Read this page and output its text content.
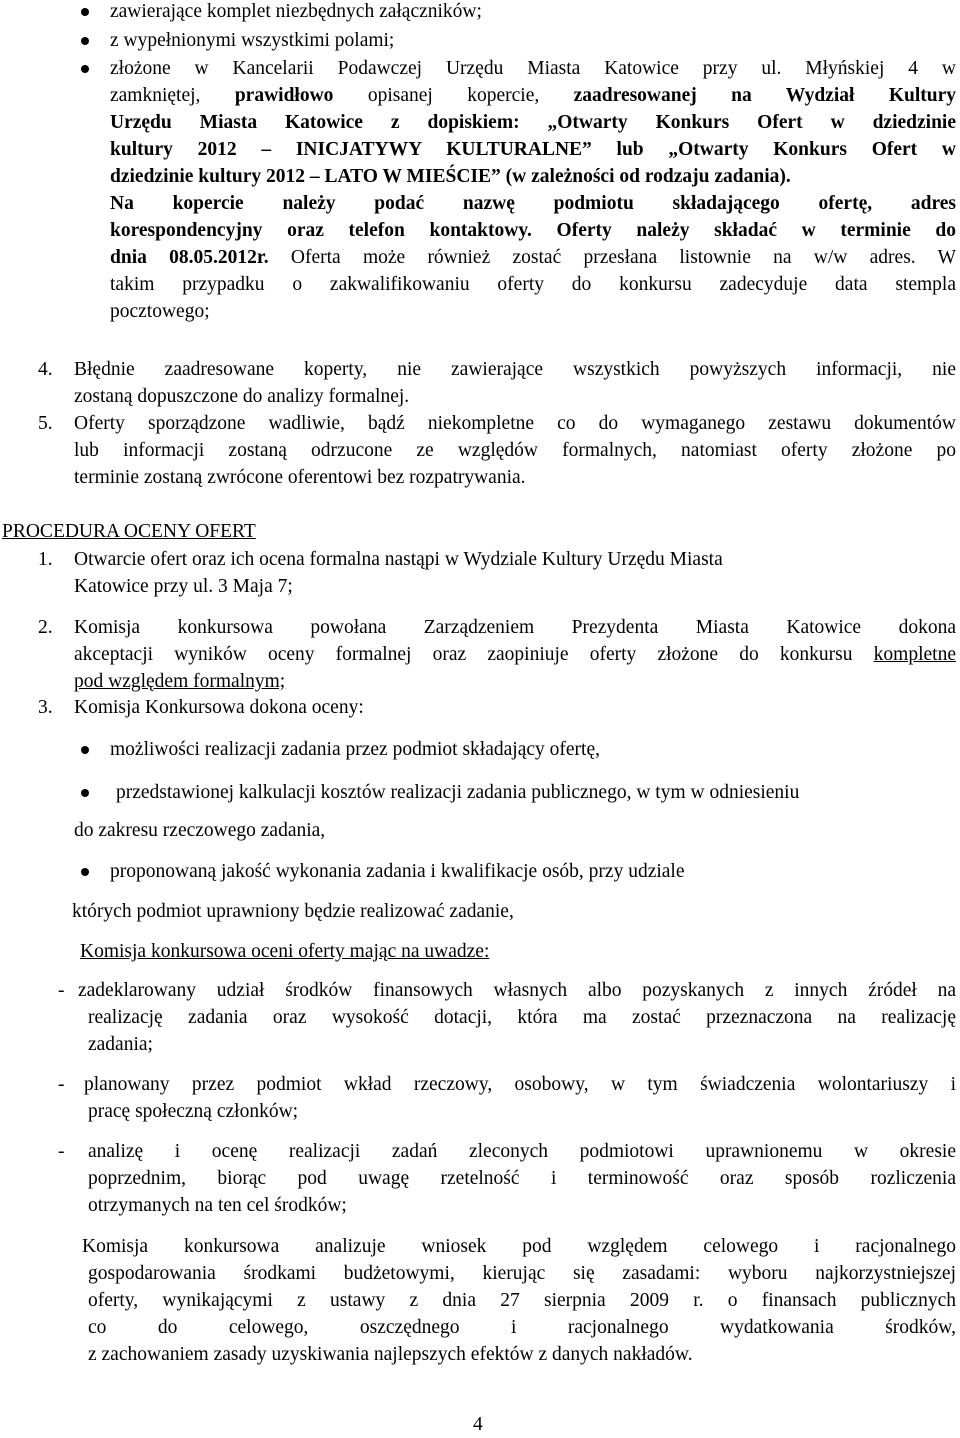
zawierające komplet niezbędnych załączników;
z wypełnionymi wszystkimi polami;
złożone w Kancelarii Podawczej Urzędu Miasta Katowice przy ul. Młyńskiej 4 w
zamkniętej, prawidłowo opisanej kopercie, zaadresowanej na Wydział Kultury
Urzędu Miasta Katowice z dopiskiem: „Otwarty Konkurs Ofert w dziedzinie
kultury 2012 – INICJATYWY KULTURALNE” lub „Otwarty Konkurs Ofert w
dziedzinie kultury 2012 – LATO W MIEŚCIE” (w zależności od rodzaju zadania).
Na kopercie należy podać nazwę podmiotu składającego ofertę, adres
korespondencyjny oraz telefon kontaktowy. Oferty należy składać w terminie do
dnia 08.05.2012r. Oferta może również zostać przesłana listownie na w/w adres. W
takim przypadku o zakwalifikowaniu oferty do konkursu zadecyduje data stempla
pocztowego;
4. Błędnie zaadresowane koperty, nie zawierające wszystkich powyższych informacji, nie
zostaną dopuszczone do analizy formalnej.
5. Oferty sporządzone wadliwie, bądź niekompletne co do wymaganego zestawu dokumentów
lub informacji zostaną odrzucone ze względów formalnych, natomiast oferty złożone po
terminie zostaną zwrócone oferentowi bez rozpatrywania.
PROCEDURA OCENY OFERT
1. Otwarcie ofert oraz ich ocena formalna nastąpi w Wydziale Kultury Urzędu Miasta
Katowice przy ul. 3 Maja 7;
2. Komisja konkursowa powołana Zarządzeniem Prezydenta Miasta Katowice dokona
akceptacji wyników oceny formalnej oraz zaopiniuje oferty złożone do konkursu kompletne
pod względem formalnym;
3. Komisja Konkursowa dokona oceny:
możliwości realizacji zadania przez podmiot składający ofertę,
przedstawionej kalkulacji kosztów realizacji zadania publicznego, w tym w odniesieniu
do zakresu rzeczowego zadania,
proponowaną jakość wykonania zadania i kwalifikacje osób, przy udziale
których podmiot uprawniony będzie realizować zadanie,
Komisja konkursowa oceni oferty mając na uwadze:
- zadeklarowany udział środków finansowych własnych albo pozyskanych z innych źródeł na
realizację zadania oraz wysokość dotacji, która ma zostać przeznaczona na realizację
zadania;
- planowany przez podmiot wkład rzeczowy, osobowy, w tym świadczenia wolontariuszy i
pracę społeczną członków;
- analizę i ocenę realizacji zadań zleconych podmiotowi uprawnionemu w okresie
poprzednim, biorąc pod uwagę rzetelność i terminowość oraz sposób rozliczenia
otrzymanych na ten cel środków;
Komisja konkursowa analizuje wniosek pod względem celowego i racjonalnego
gospodarowania środkami budżetowymi, kierując się zasadami: wyboru najkorzystniejszej
oferty, wynikającymi z ustawy z dnia 27 sierpnia 2009 r. o finansach publicznych
co do celowego, oszczędnego i racjonalnego wydatkowania środków,
z zachowaniem zasady uzyskiwania najlepszych efektów z danych nakładów.
4
